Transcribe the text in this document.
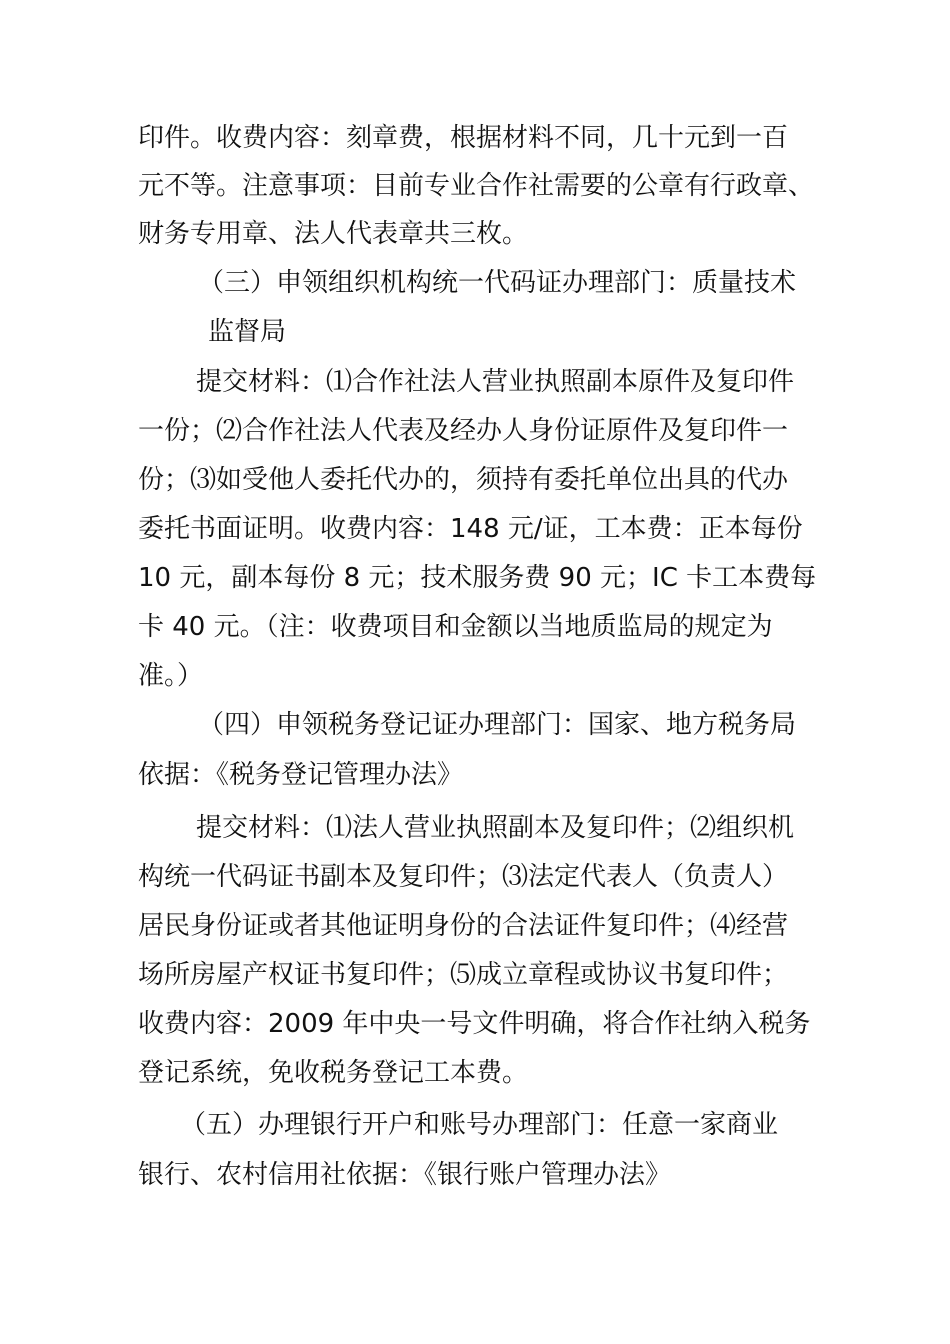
印件。收费内容：刻章费，根据材料不同，几十元到一百
元不等。注意事项：目前专业合作社需要的公章有行政章、
财务专用章、法人代表章共三枚。
（三）申领组织机构统一代码证办理部门：质量技术
监督局
提交材料：⑴合作社法人营业执照副本原件及复印件
一份；⑵合作社法人代表及经办人身份证原件及复印件一
份；⑶如受他人委托代办的，须持有委托单位出具的代办
委托书面证明。收费内容：148 元/证，工本费：正本每份
10 元，副本每份 8 元；技术服务费 90 元；IC 卡工本费每
卡 40 元。（注：收费项目和金额以当地质监局的规定为
准。）
（四）申领税务登记证办理部门：国家、地方税务局
依据：《税务登记管理办法》
提交材料：⑴法人营业执照副本及复印件；⑵组织机
构统一代码证书副本及复印件；⑶法定代表人（负责人）
居民身份证或者其他证明身份的合法证件复印件；⑷经营
场所房屋产权证书复印件；⑸成立章程或协议书复印件；
收费内容：2009 年中央一号文件明确，将合作社纳入税务
登记系统，免收税务登记工本费。
（五）办理银行开户和账号办理部门：任意一家商业
银行、农村信用社依据：《银行账户管理办法》
